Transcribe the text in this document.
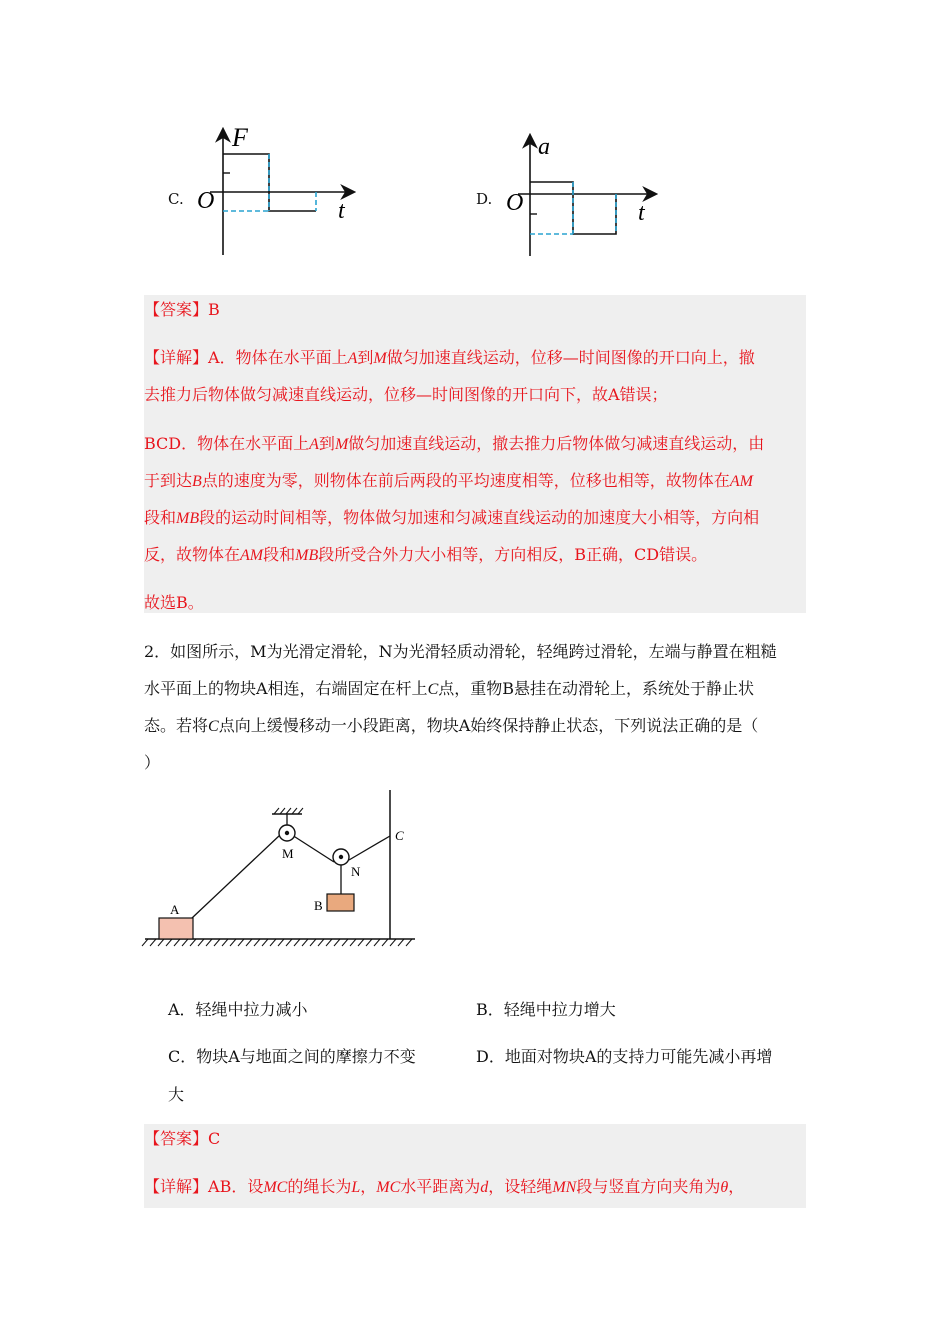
C.
F
O	t	D.
a
O	t
【答案】B
【详解】A．物体在水平面上A到M做匀加速直线运动，位移—时间图像的开口向上，撤
去推力后物体做匀减速直线运动，位移—时间图像的开口向下，故A错误；
BCD．物体在水平面上A到M做匀加速直线运动，撤去推力后物体做匀减速直线运动，由
于到达B点的速度为零，则物体在前后两段的平均速度相等，位移也相等，故物体在AM
段和MB段的运动时间相等，物体做匀加速和匀减速直线运动的加速度大小相等，方向相
反，故物体在AM段和MB段所受合外力大小相等，方向相反，B正确，CD错误。
故选B。
2．如图所示，M为光滑定滑轮，N为光滑轻质动滑轮，轻绳跨过滑轮，左端与静置在粗糙
水平面上的物块A相连，右端固定在杆上C点，重物B悬挂在动滑轮上，系统处于静止状
态。若将C点向上缓慢移动一小段距离，物块A始终保持静止状态，下列说法正确的是（
）
A
M
N
B
C
A．轻绳中拉力减小	B．轻绳中拉力增大
C．物块A与地面之间的摩擦力不变
大
D．地面对物块A的支持力可能先减小再增
【答案】C
【详解】AB．设MC的绳长为L，MC水平距离为d，设轻绳MN段与竖直方向夹角为θ，
